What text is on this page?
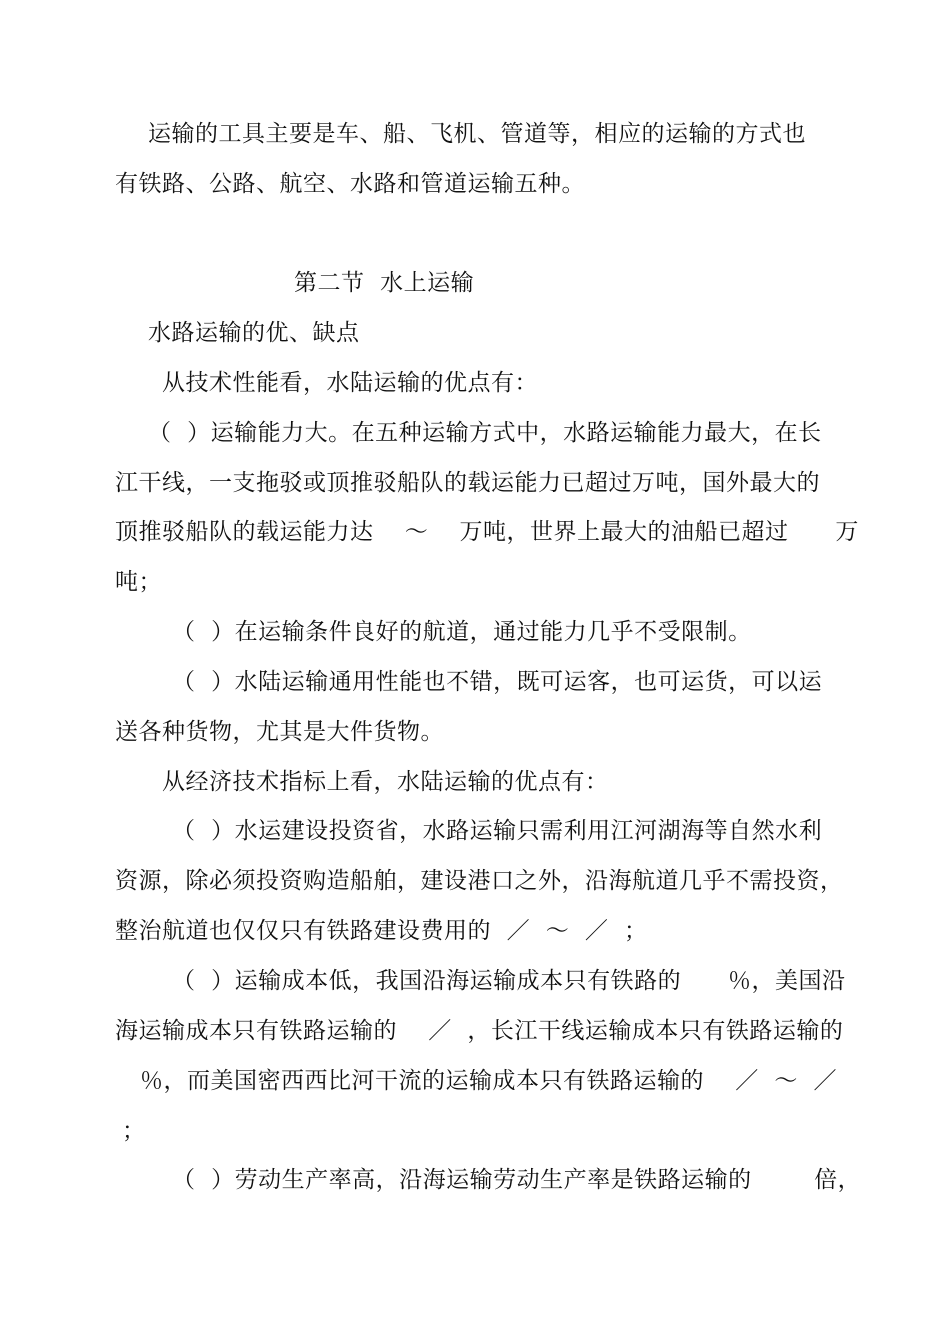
运输的工具主要是车、船、飞机、管道等，相应的运输的方式也
有铁路、公路、航空、水路和管道运输五种。
第二节  水上运输
水路运输的优、缺点
从技术性能看，水陆运输的优点有：
（  ）运输能力大。在五种运输方式中，水路运输能力最大，在长
江干线，一支拖驳或顶推驳船队的载运能力已超过万吨，国外最大的
顶推驳船队的载运能力达    ～    万吨，世界上最大的油船已超过      万
吨；
（  ）在运输条件良好的航道，通过能力几乎不受限制。
（  ）水陆运输通用性能也不错，既可运客，也可运货，可以运
送各种货物，尤其是大件货物。
从经济技术指标上看，水陆运输的优点有：
（  ）水运建设投资省，水路运输只需利用江河湖海等自然水利
资源，除必须投资购造船舶，建设港口之外，沿海航道几乎不需投资，
整治航道也仅仅只有铁路建设费用的  ／  ～  ／  ；
（  ）运输成本低，我国沿海运输成本只有铁路的      ％，美国沿
海运输成本只有铁路运输的    ／  ，长江干线运输成本只有铁路运输的
％，而美国密西西比河干流的运输成本只有铁路运输的    ／  ～  ／
；
（  ）劳动生产率高，沿海运输劳动生产率是铁路运输的        倍，
